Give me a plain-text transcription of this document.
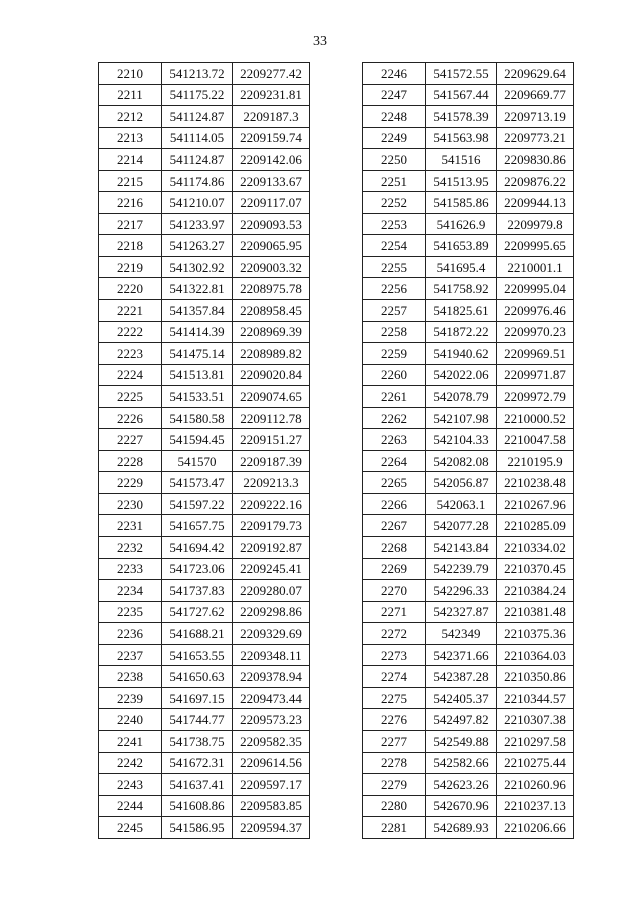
33
2210	541213.72	2209277.42
2211	541175.22	2209231.81
2212	541124.87	2209187.3
2213	541114.05	2209159.74
2214	541124.87	2209142.06
2215	541174.86	2209133.67
2216	541210.07	2209117.07
2217	541233.97	2209093.53
2218	541263.27	2209065.95
2219	541302.92	2209003.32
2220	541322.81	2208975.78
2221	541357.84	2208958.45
2222	541414.39	2208969.39
2223	541475.14	2208989.82
2224	541513.81	2209020.84
2225	541533.51	2209074.65
2226	541580.58	2209112.78
2227	541594.45	2209151.27
2228	541570	2209187.39
2229	541573.47	2209213.3
2230	541597.22	2209222.16
2231	541657.75	2209179.73
2232	541694.42	2209192.87
2233	541723.06	2209245.41
2234	541737.83	2209280.07
2235	541727.62	2209298.86
2236	541688.21	2209329.69
2237	541653.55	2209348.11
2238	541650.63	2209378.94
2239	541697.15	2209473.44
2240	541744.77	2209573.23
2241	541738.75	2209582.35
2242	541672.31	2209614.56
2243	541637.41	2209597.17
2244	541608.86	2209583.85
2245	541586.95	2209594.37
2246	541572.55	2209629.64
2247	541567.44	2209669.77
2248	541578.39	2209713.19
2249	541563.98	2209773.21
2250	541516	2209830.86
2251	541513.95	2209876.22
2252	541585.86	2209944.13
2253	541626.9	2209979.8
2254	541653.89	2209995.65
2255	541695.4	2210001.1
2256	541758.92	2209995.04
2257	541825.61	2209976.46
2258	541872.22	2209970.23
2259	541940.62	2209969.51
2260	542022.06	2209971.87
2261	542078.79	2209972.79
2262	542107.98	2210000.52
2263	542104.33	2210047.58
2264	542082.08	2210195.9
2265	542056.87	2210238.48
2266	542063.1	2210267.96
2267	542077.28	2210285.09
2268	542143.84	2210334.02
2269	542239.79	2210370.45
2270	542296.33	2210384.24
2271	542327.87	2210381.48
2272	542349	2210375.36
2273	542371.66	2210364.03
2274	542387.28	2210350.86
2275	542405.37	2210344.57
2276	542497.82	2210307.38
2277	542549.88	2210297.58
2278	542582.66	2210275.44
2279	542623.26	2210260.96
2280	542670.96	2210237.13
2281	542689.93	2210206.66
